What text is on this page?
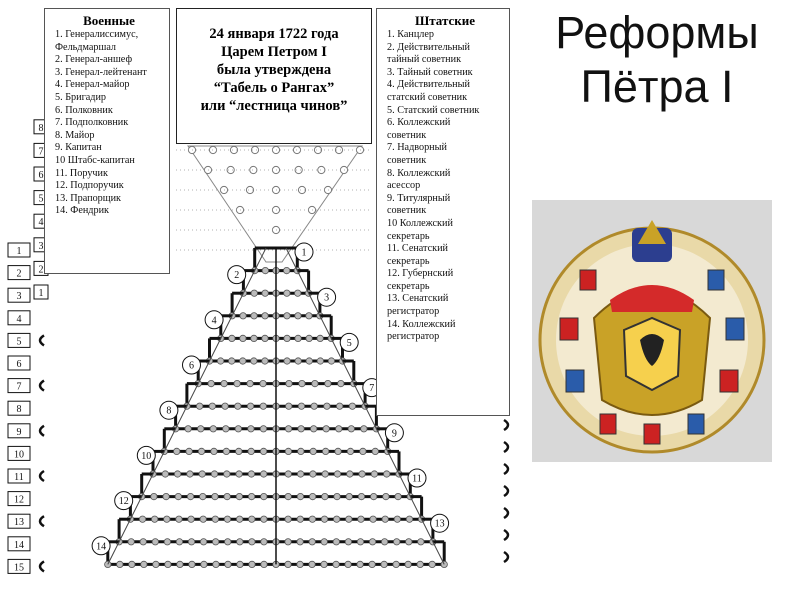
1
2
3
4
5
6
7
8
9
10
11
12
13
14
1
2
3
4
5
6
7
8
9
10
11
12
13
14
15
1
2
3
4
5
6
7
8
Военные
1. Генералиссимус,
Фельдмаршал
2. Генерал-аншеф
3. Генерал-лейтенант
4. Генерал-майор
5. Бригадир
6. Полковник
7. Подполковник
8. Майор
9. Капитан
10 Штабс-капитан
11. Поручик
12. Подпоручик
13. Прапорщик
14. Фендрик
24 января 1722 года
Царем Петром I
была утверждена
“Табель о Рангах”
или “лестница чинов”
Штатские
1. Канцлер
2. Действительный
тайный советник
3. Тайный советник
4. Действительный
статский советник
5. Статский советник
6. Коллежский
советник
7. Надворный
советник
8. Коллежский
асессор
9. Титулярный
советник
10 Коллежский
секретарь
11. Сенатский
секретарь
12. Губернский
секретарь
13. Сенатский
регистратор
14. Коллежский
регистратор
Реформы Пётра I
